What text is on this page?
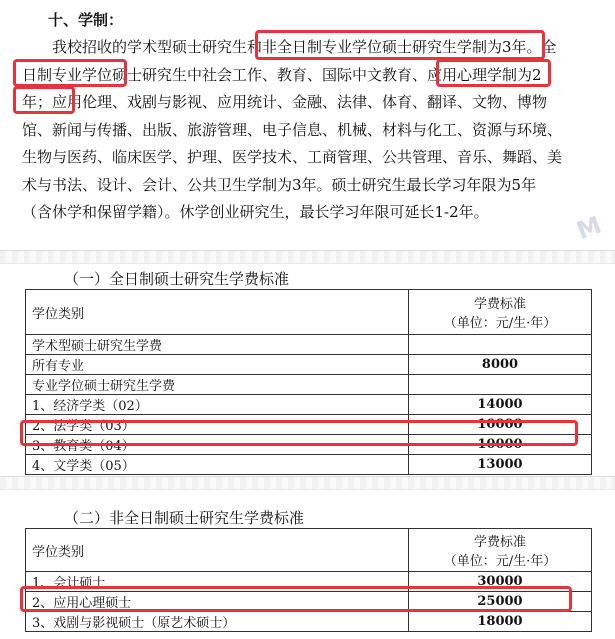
十、学制：

我校招收的学术型硕士研究生和非全日制专业学位硕士研究生学制为3年。全日制专业学位硕士研究生中社会工作、教育、国际中文教育、应用心理学制为2年；应用伦理、戏剧与影视、应用统计、金融、法律、体育、翻译、文物、博物馆、新闻与传播、出版、旅游管理、电子信息、机械、材料与化工、资源与环境、生物与医药、临床医学、护理、医学技术、工商管理、公共管理、音乐、舞蹈、美术与书法、设计、会计、公共卫生学制为3年。硕士研究生最长学习年限为5年（含休学和保留学籍）。休学创业研究生，最长学习年限可延长1-2年。	M

（一）全日制硕士研究生学费标准

学位类别	学费标准
（单位：元/生·年）

学术型硕士研究生学费	
所有专业	8000
专业学位硕士研究生学费	
1、经济学类（02）	14000
2、法学类（03）	10000
3、教育类（04）	10000
4、文学类（05）	13000

（二）非全日制硕士研究生学费标准

学位类别	学费标准
（单位：元/生·年）

1、会计硕士	30000
2、应用心理硕士	25000
3、戏剧与影视硕士（原艺术硕士）	18000
